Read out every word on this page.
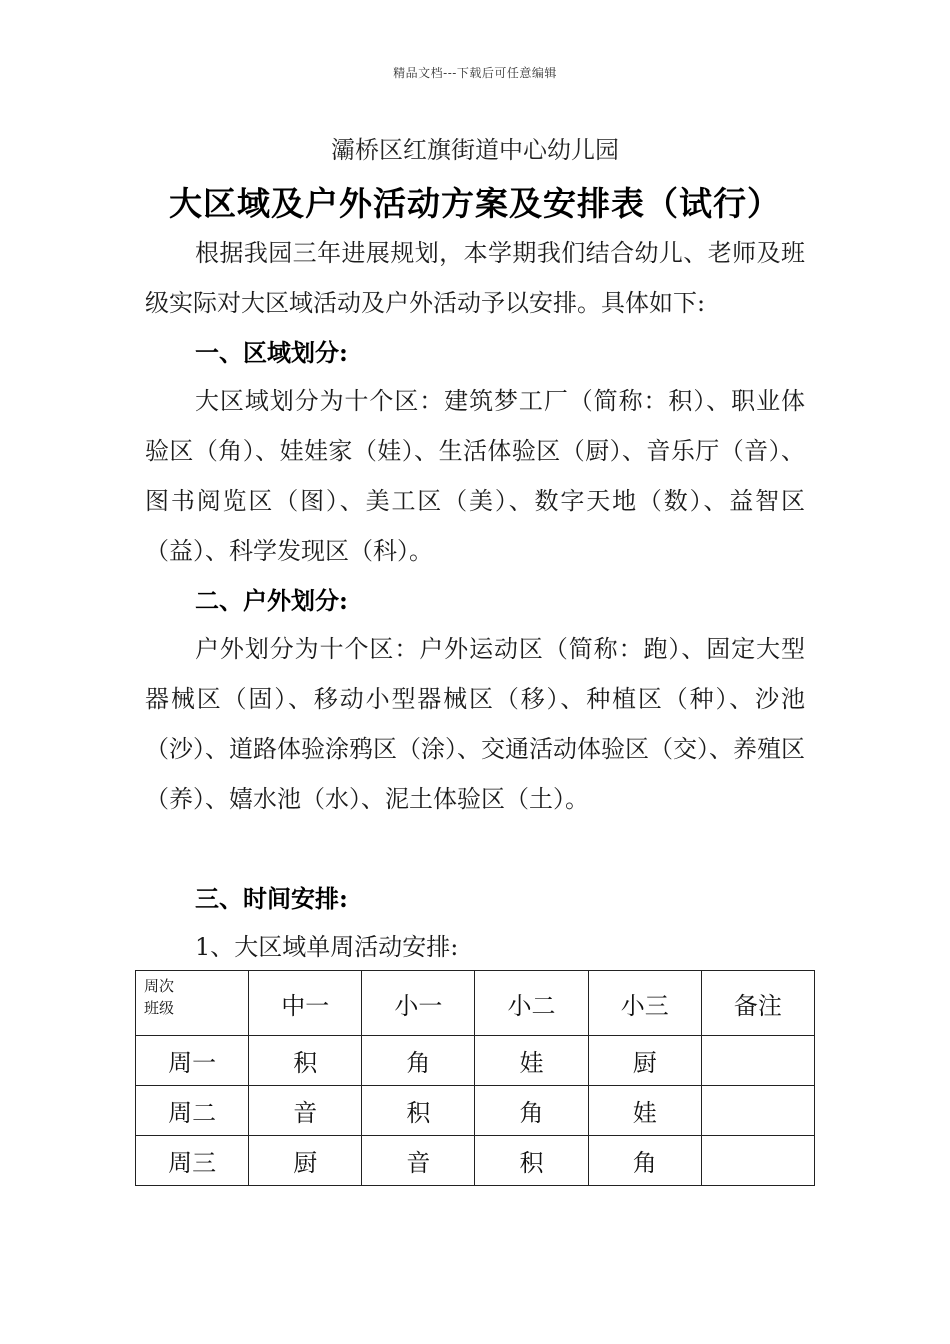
精品文档---下载后可任意编辑
灞桥区红旗街道中心幼儿园
大区域及户外活动方案及安排表（试行）
根据我园三年进展规划，本学期我们结合幼儿、老师及班级实际对大区域活动及户外活动予以安排。具体如下:
一、区域划分:
大区域划分为十个区：建筑梦工厂（简称：积）、职业体验区（角）、娃娃家（娃）、生活体验区（厨）、音乐厅（音）、图书阅览区（图）、美工区（美）、数字天地（数）、益智区（益）、科学发现区（科）。
二、户外划分:
户外划分为十个区：户外运动区（简称：跑）、固定大型器械区（固）、移动小型器械区（移）、种植区（种）、沙池（沙）、道路体验涂鸦区（涂）、交通活动体验区（交）、养殖区（养）、嬉水池（水）、泥土体验区（土）。
三、时间安排:
1、大区域单周活动安排:
周次
班级	中一	小一	小二	小三	备注
周一	积	角	娃	厨	
周二	音	积	角	娃	
周三	厨	音	积	角	
